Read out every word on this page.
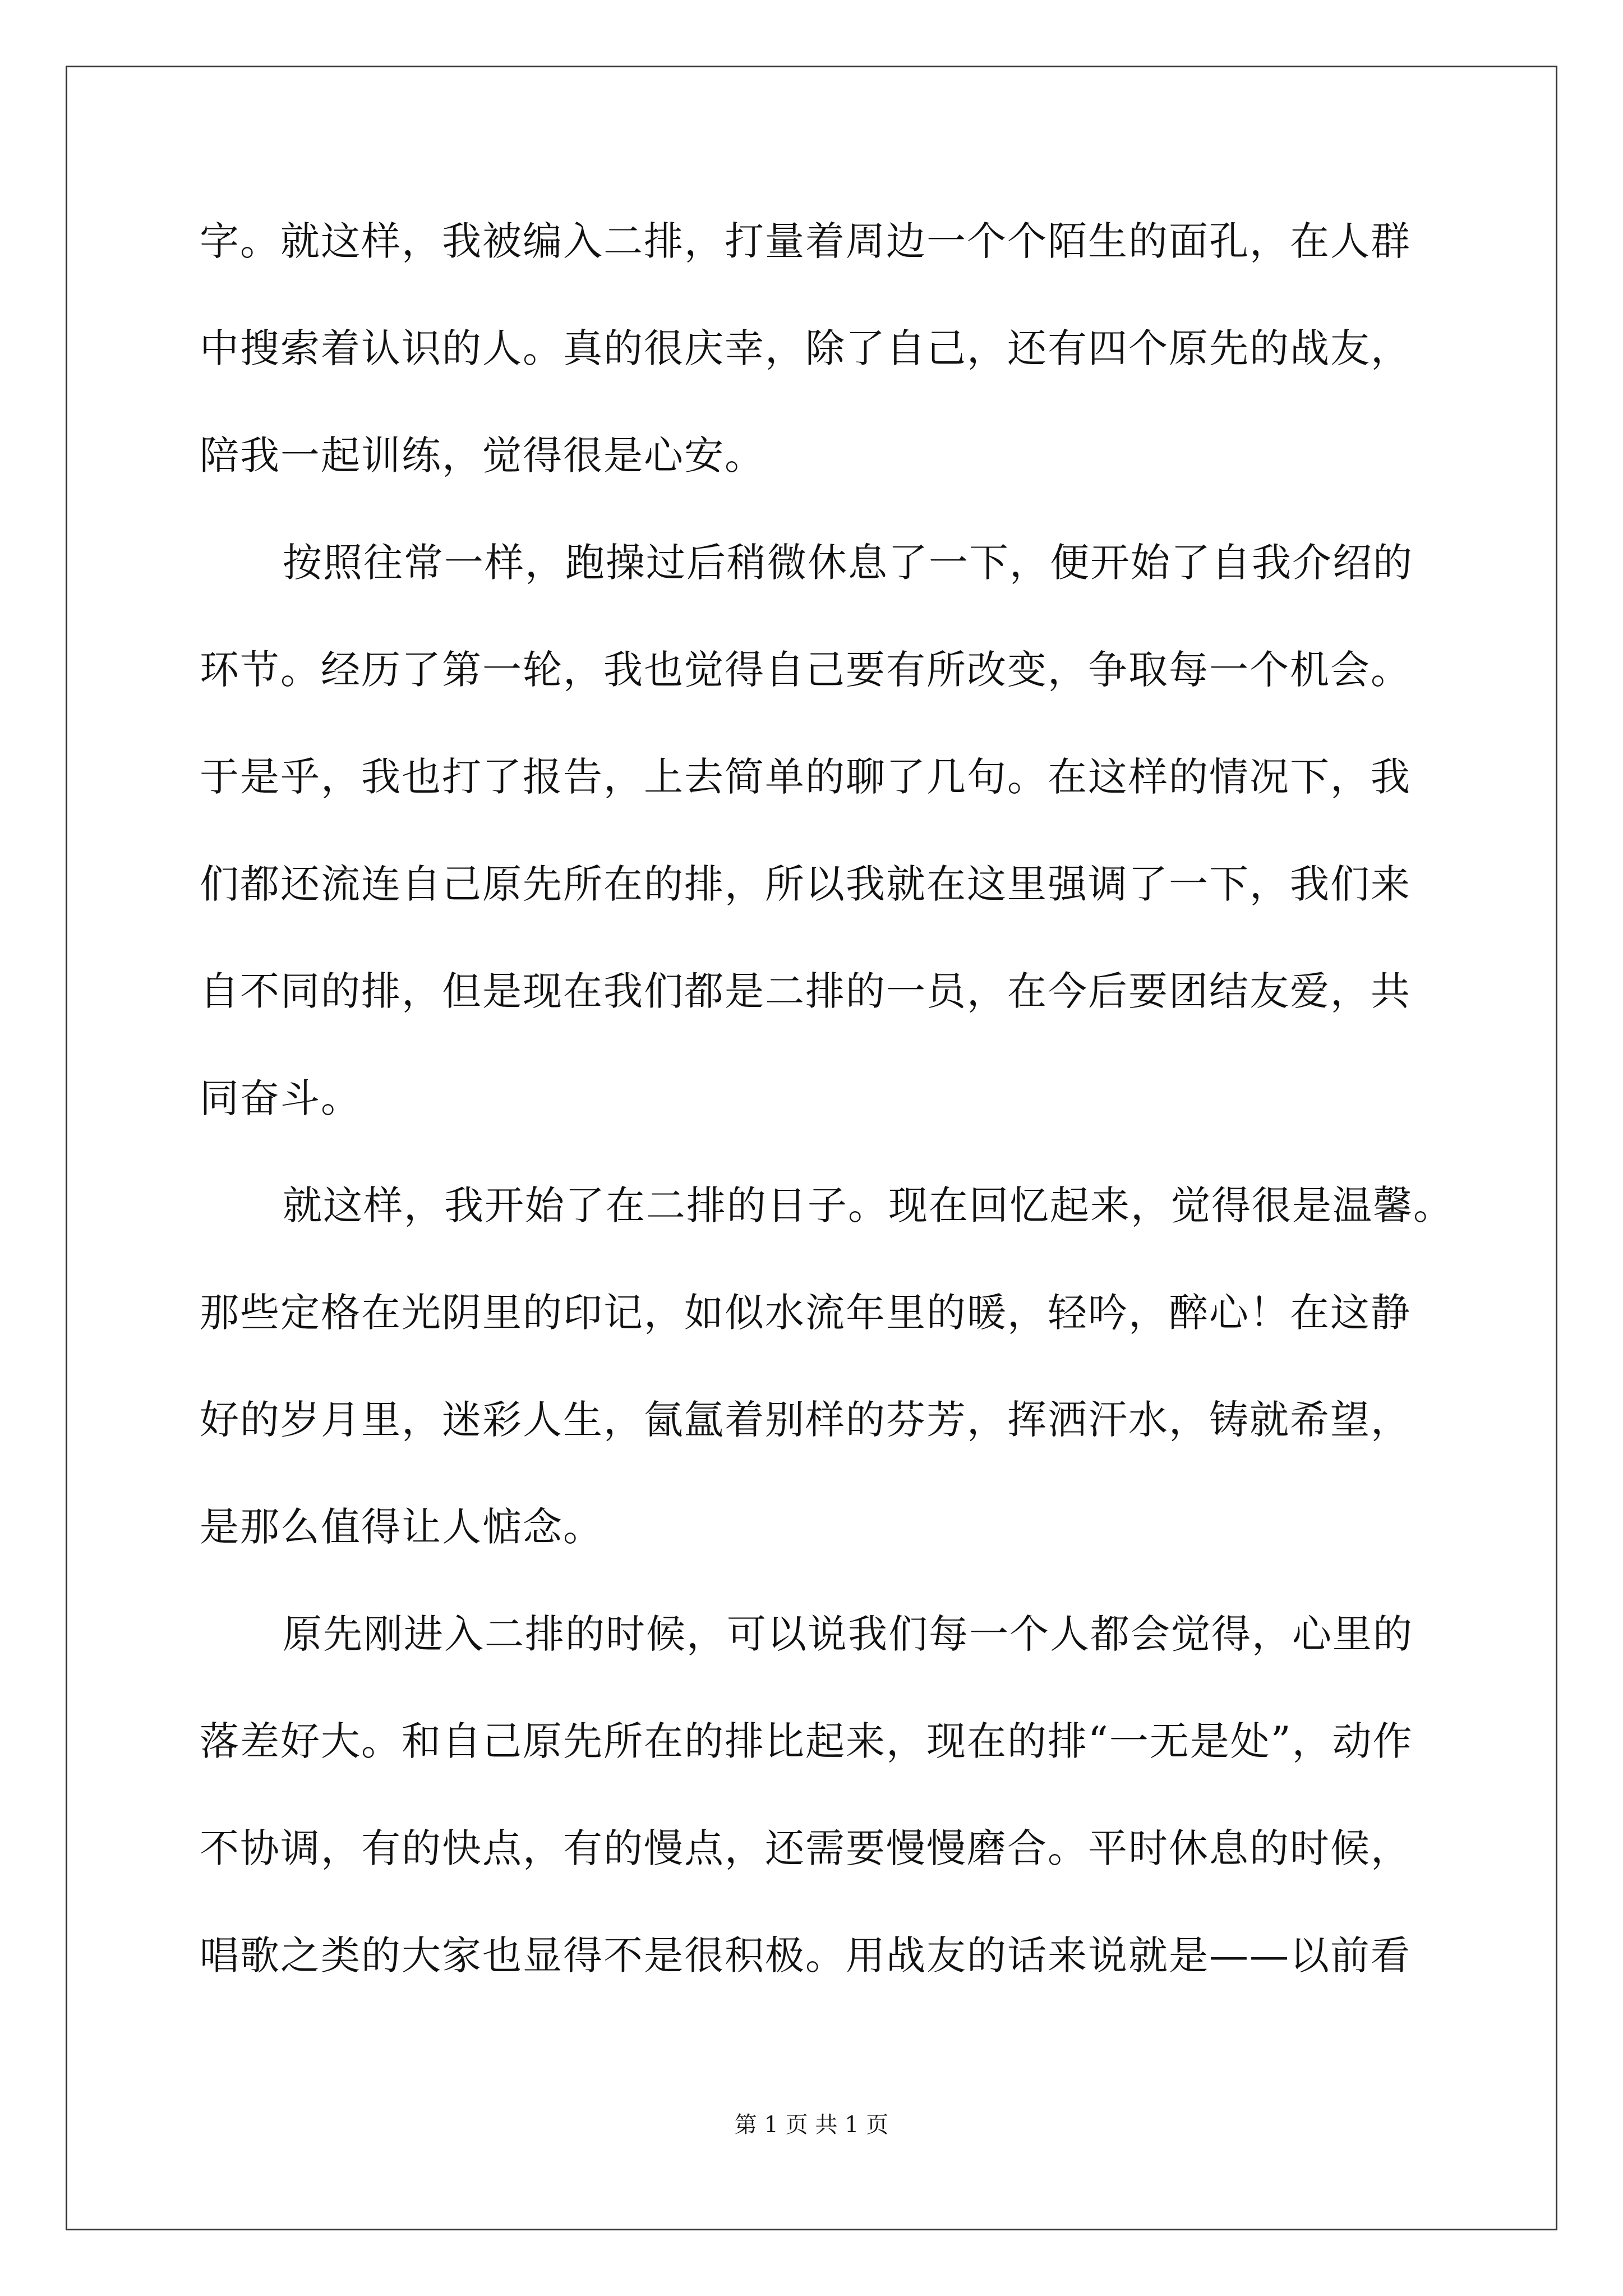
字。就这样，我被编入二排，打量着周边一个个陌生的面孔，在人群
中搜索着认识的人。真的很庆幸，除了自己，还有四个原先的战友，
陪我一起训练，觉得很是心安。
按照往常一样，跑操过后稍微休息了一下，便开始了自我介绍的
环节。经历了第一轮，我也觉得自己要有所改变，争取每一个机会。
于是乎，我也打了报告，上去简单的聊了几句。在这样的情况下，我
们都还流连自己原先所在的排，所以我就在这里强调了一下，我们来
自不同的排，但是现在我们都是二排的一员，在今后要团结友爱，共
同奋斗。
就这样，我开始了在二排的日子。现在回忆起来，觉得很是温馨。
那些定格在光阴里的印记，如似水流年里的暖，轻吟，醉心！在这静
好的岁月里，迷彩人生，氤氲着别样的芬芳，挥洒汗水，铸就希望，
是那么值得让人惦念。
原先刚进入二排的时候，可以说我们每一个人都会觉得，心里的
落差好大。和自己原先所在的排比起来，现在的排“一无是处”，动作
不协调，有的快点，有的慢点，还需要慢慢磨合。平时休息的时候，
唱歌之类的大家也显得不是很积极。用战友的话来说就是——以前看
第 1 页 共 1 页
